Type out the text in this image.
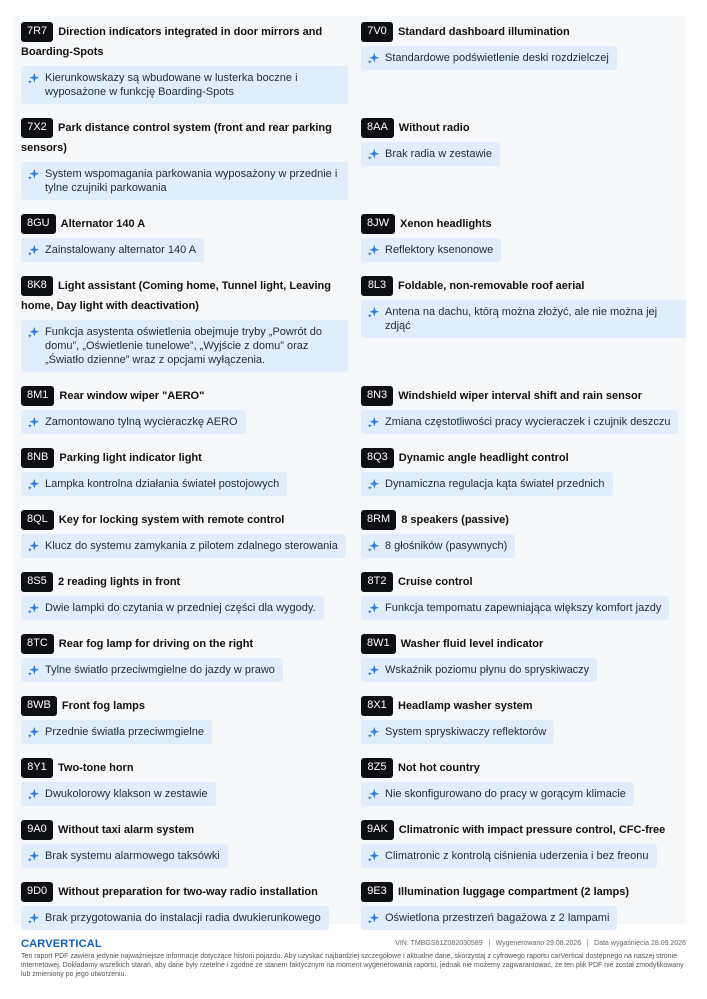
7R7 Direction indicators integrated in door mirrors and Boarding-Spots
Kierunkowskazy są wbudowane w lusterka boczne i wyposażone w funkcję Boarding-Spots
7V0 Standard dashboard illumination
Standardowe podświetlenie deski rozdzielczej
7X2 Park distance control system (front and rear parking sensors)
System wspomagania parkowania wyposażony w przednie i tylne czujniki parkowania
8AA Without radio
Brak radia w zestawie
8GU Alternator 140 A
Zainstalowany alternator 140 A
8JW Xenon headlights
Reflektory ksenonowe
8K8 Light assistant (Coming home, Tunnel light, Leaving home, Day light with deactivation)
Funkcja asystenta oświetlenia obejmuje tryby „Powrót do domu”, „Oświetlenie tunelowe”, „Wyjście z domu” oraz „Światło dzienne” wraz z opcjami wyłączenia.
8L3 Foldable, non-removable roof aerial
Antena na dachu, którą można złożyć, ale nie można jej zdjąć
8M1 Rear window wiper "AERO"
Zamontowano tylną wycieraczkę AERO
8N3 Windshield wiper interval shift and rain sensor
Zmiana częstotliwości pracy wycieraczek i czujnik deszczu
8NB Parking light indicator light
Lampka kontrolna działania świateł postojowych
8Q3 Dynamic angle headlight control
Dynamiczna regulacja kąta świateł przednich
8QL Key for locking system with remote control
Klucz do systemu zamykania z pilotem zdalnego sterowania
8RM 8 speakers (passive)
8 głośników (pasywnych)
8S5 2 reading lights in front
Dwie lampki do czytania w przedniej części dla wygody.
8T2 Cruise control
Funkcja tempomatu zapewniająca większy komfort jazdy
8TC Rear fog lamp for driving on the right
Tylne światło przeciwmgielne do jazdy w prawo
8W1 Washer fluid level indicator
Wskaźnik poziomu płynu do spryskiwaczy
8WB Front fog lamps
Przednie światła przeciwmgielne
8X1 Headlamp washer system
System spryskiwaczy reflektorów
8Y1 Two-tone horn
Dwukolorowy klakson w zestawie
8Z5 Not hot country
Nie skonfigurowano do pracy w gorącym klimacie
9A0 Without taxi alarm system
Brak systemu alarmowego taksówki
9AK Climatronic with impact pressure control, CFC-free
Climatronic z kontrolą ciśnienia uderzenia i bez freonu
9D0 Without preparation for two-way radio installation
Brak przygotowania do instalacji radia dwukierunkowego
9E3 Illumination luggage compartment (2 lamps)
Oświetlona przestrzeń bagażowa z 2 lampami
CARVERTICAL	VIN: TMBGS61Z082030589 Wygenerowano 29.08.2026 Data wygaśnięcia 28.09.2026
Ten raport PDF zawiera jedynie najważniejsze informacje dotyczące historii pojazdu. Aby uzyskać najbardziej szczegółowe i aktualne dane, skorzystaj z cyfrowego raportu carVertical dostępnego na naszej stronie internetowej. Dokładamy wszelkich starań, aby dane były rzetelne i zgodne ze stanem faktycznym na moment wygenerowania raportu, jednak nie możemy zagwarantować, że ten plik PDF nie został zmodyfikowany lub zmieniony po jego utworzeniu.
